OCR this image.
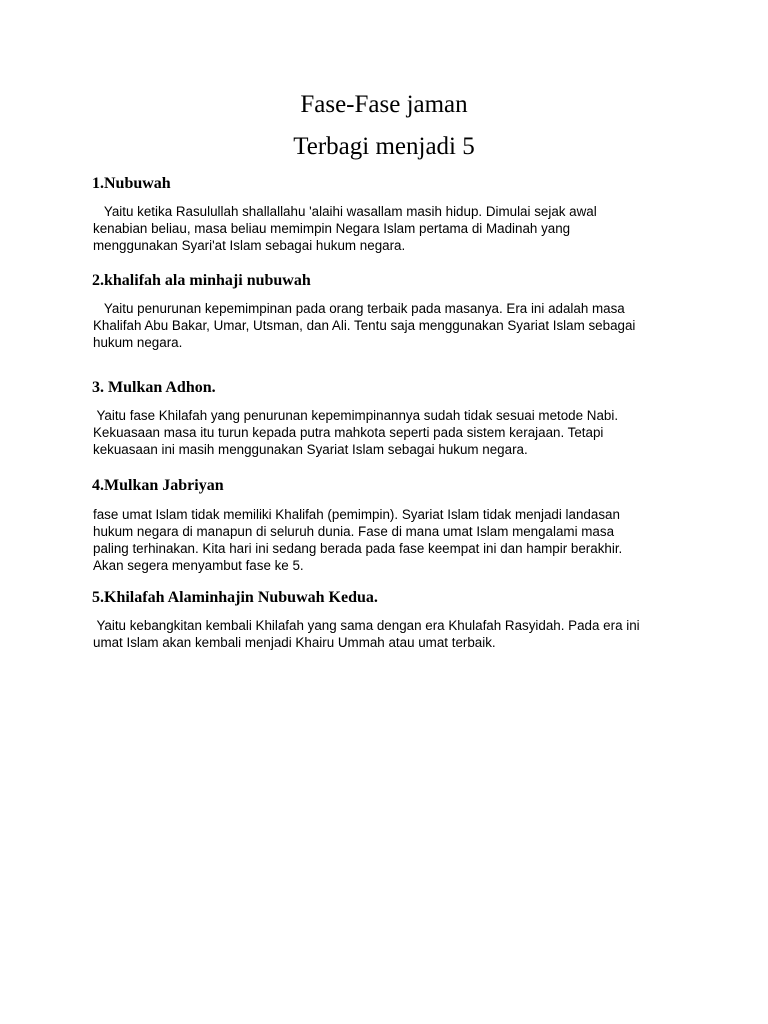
Fase-Fase jaman
Terbagi menjadi 5
1.Nubuwah

Yaitu ketika Rasulullah shallallahu 'alaihi wasallam masih hidup. Dimulai sejak awal
kenabian beliau, masa beliau memimpin Negara Islam pertama di Madinah yang
menggunakan Syari'at Islam sebagai hukum negara.

2.khalifah ala minhaji nubuwah

Yaitu penurunan kepemimpinan pada orang terbaik pada masanya. Era ini adalah masa
Khalifah Abu Bakar, Umar, Utsman, dan Ali. Tentu saja menggunakan Syariat Islam sebagai
hukum negara.

3. Mulkan Adhon.

Yaitu fase Khilafah yang penurunan kepemimpinannya sudah tidak sesuai metode Nabi.
Kekuasaan masa itu turun kepada putra mahkota seperti pada sistem kerajaan. Tetapi
kekuasaan ini masih menggunakan Syariat Islam sebagai hukum negara.

4.Mulkan Jabriyan

fase umat Islam tidak memiliki Khalifah (pemimpin). Syariat Islam tidak menjadi landasan
hukum negara di manapun di seluruh dunia. Fase di mana umat Islam mengalami masa
paling terhinakan. Kita hari ini sedang berada pada fase keempat ini dan hampir berakhir.
Akan segera menyambut fase ke 5.

5.Khilafah Alaminhajin Nubuwah Kedua.

Yaitu kebangkitan kembali Khilafah yang sama dengan era Khulafah Rasyidah. Pada era ini
umat Islam akan kembali menjadi Khairu Ummah atau umat terbaik.
